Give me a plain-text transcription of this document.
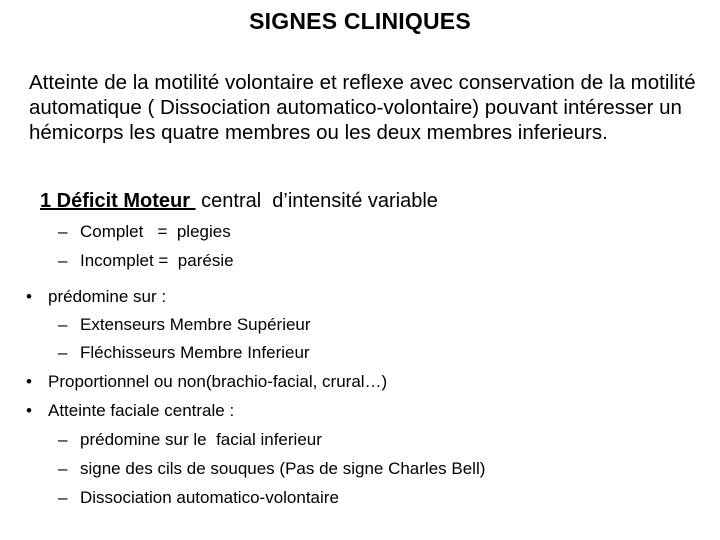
SIGNES CLINIQUES

Atteinte de la motilité volontaire et reflexe avec conservation de la motilité automatique ( Dissociation automatico-volontaire) pouvant intéresser un hémicorps les quatre membres ou les deux membres inferieurs.

1 Déficit Moteur  central  d’intensité variable
– Complet   =  plegies
– Incomplet =  parésie
• prédomine sur :
– Extenseurs Membre Supérieur
– Fléchisseurs Membre Inferieur
• Proportionnel ou non(brachio-facial, crural…)
• Atteinte faciale centrale :
– prédomine sur le  facial inferieur
– signe des cils de souques (Pas de signe Charles Bell)
– Dissociation automatico-volontaire
